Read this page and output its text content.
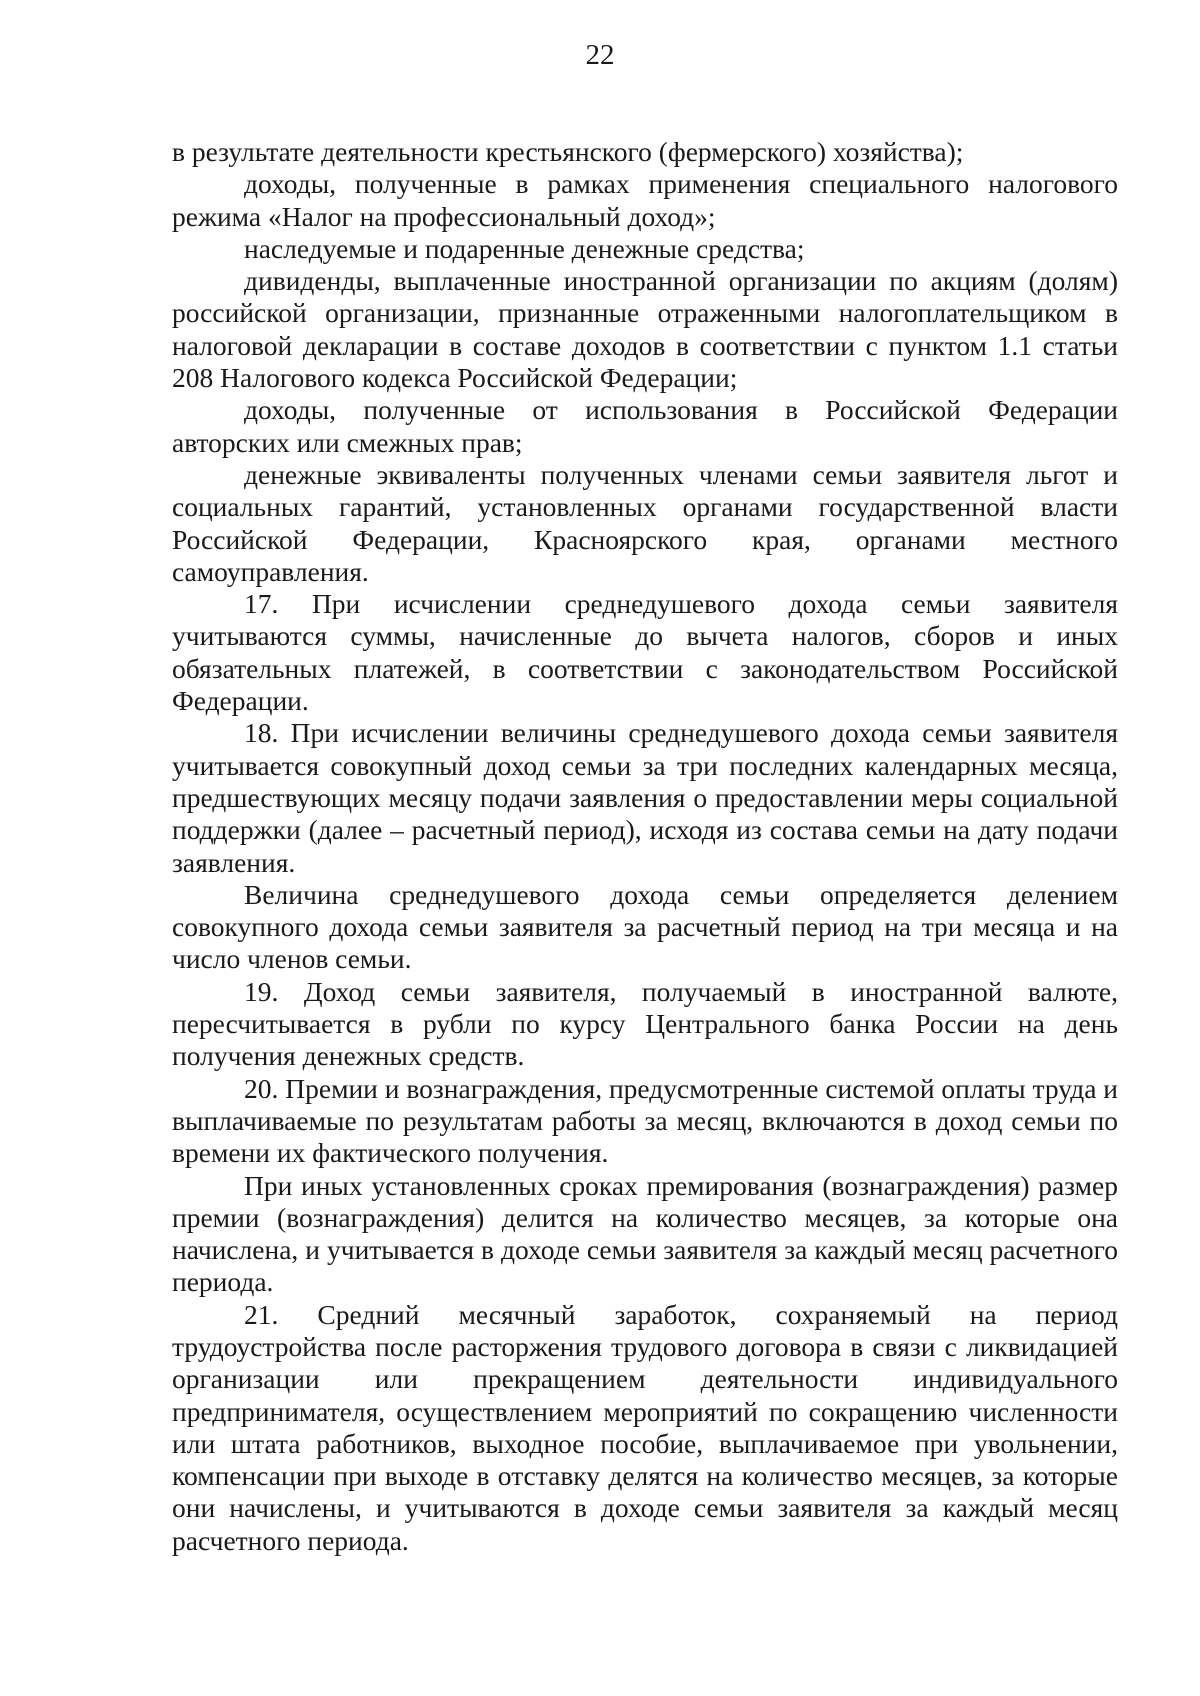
22

в результате деятельности крестьянского (фермерского) хозяйства);

доходы, полученные в рамках применения специального налогового режима «Налог на профессиональный доход»;

наследуемые и подаренные денежные средства;

дивиденды, выплаченные иностранной организации по акциям (долям) российской организации, признанные отраженными налогоплательщиком в налоговой декларации в составе доходов в соответствии с пунктом 1.1 статьи 208 Налогового кодекса Российской Федерации;

доходы, полученные от использования в Российской Федерации авторских или смежных прав;

денежные эквиваленты полученных членами семьи заявителя льгот и социальных гарантий, установленных органами государственной власти Российской Федерации, Красноярского края, органами местного самоуправления.

17. При исчислении среднедушевого дохода семьи заявителя учитываются суммы, начисленные до вычета налогов, сборов и иных обязательных платежей, в соответствии с законодательством Российской Федерации.

18. При исчислении величины среднедушевого дохода семьи заявителя учитывается совокупный доход семьи за три последних календарных месяца, предшествующих месяцу подачи заявления о предоставлении меры социальной поддержки (далее – расчетный период), исходя из состава семьи на дату подачи заявления.

Величина среднедушевого дохода семьи определяется делением совокупного дохода семьи заявителя за расчетный период на три месяца и на число членов семьи.

19. Доход семьи заявителя, получаемый в иностранной валюте, пересчитывается в рубли по курсу Центрального банка России на день получения денежных средств.

20. Премии и вознаграждения, предусмотренные системой оплаты труда и выплачиваемые по результатам работы за месяц, включаются в доход семьи по времени их фактического получения.

При иных установленных сроках премирования (вознаграждения) размер премии (вознаграждения) делится на количество месяцев, за которые она начислена, и учитывается в доходе семьи заявителя за каждый месяц расчетного периода.

21. Средний месячный заработок, сохраняемый на период трудоустройства после расторжения трудового договора в связи с ликвидацией организации или прекращением деятельности индивидуального предпринимателя, осуществлением мероприятий по сокращению численности или штата работников, выходное пособие, выплачиваемое при увольнении, компенсации при выходе в отставку делятся на количество месяцев, за которые они начислены, и учитываются в доходе семьи заявителя за каждый месяц расчетного периода.
